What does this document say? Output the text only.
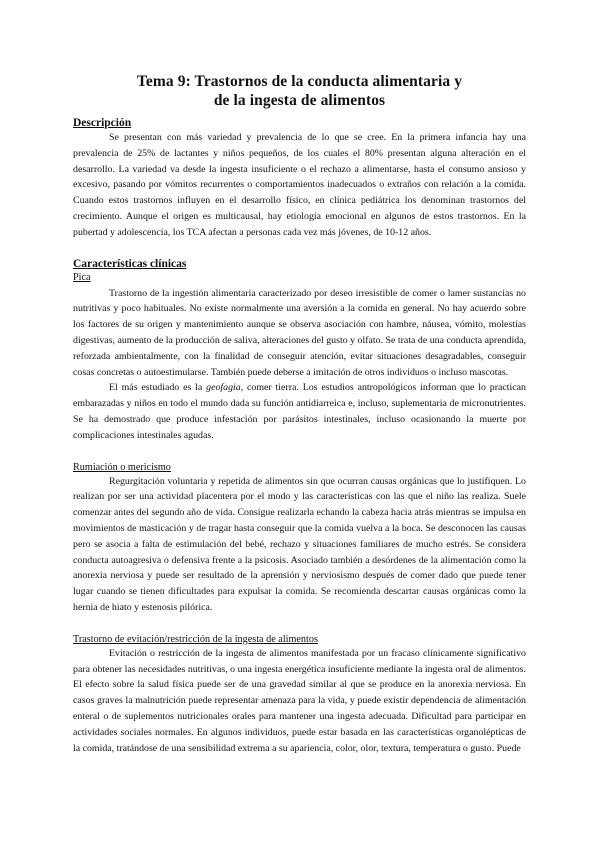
Tema 9: Trastornos de la conducta alimentaria y
de la ingesta de alimentos
Descripción

Se presentan con más variedad y prevalencia de lo que se cree. En la primera infancia hay una prevalencia de 25% de lactantes y niños pequeños, de los cuales el 80% presentan alguna alteración en el desarrollo. La variedad va desde la ingesta insuficiente o el rechazo a alimentarse, hasta el consumo ansioso y excesivo, pasando por vómitos recurrentes o comportamientos inadecuados o extraños con relación a la comida. Cuando estos trastornos influyen en el desarrollo físico, en clínica pediátrica los denominan trastornos del crecimiento. Aunque el origen es multicausal, hay etiología emocional en algunos de estos trastornos. En la pubertad y adolescencia, los TCA afectan a personas cada vez más jóvenes, de 10-12 años.

Características clínicas
Pica

Trastorno de la ingestión alimentaria caracterizado por deseo irresistible de comer o lamer sustancias no nutritivas y poco habituales. No existe normalmente una aversión a la comida en general. No hay acuerdo sobre los factores de su origen y mantenimiento aunque se observa asociación con hambre, náusea, vómito, molestias digestivas, aumento de la producción de saliva, alteraciones del gusto y olfato. Se trata de una conducta aprendida, reforzada ambientalmente, con la finalidad de conseguir atención, evitar situaciones desagradables, conseguir cosas concretas o autoestimularse. También puede deberse a imitación de otros individuos o incluso mascotas.

El más estudiado es la geofagia, comer tierra. Los estudios antropológicos informan que lo practican embarazadas y niños en todo el mundo dada su función antidiarreica e, incluso, suplementaria de micronutrientes. Se ha demostrado que produce infestación por parásitos intestinales, incluso ocasionando la muerte por complicaciones intestinales agudas.

Rumiación o mericismo

Regurgitación voluntaria y repetida de alimentos sin que ocurran causas orgánicas que lo justifiquen. Lo realizan por ser una actividad placentera por el modo y las características con las que el niño las realiza. Suele comenzar antes del segundo año de vida. Consigue realizarla echando la cabeza hacia atrás mientras se impulsa en movimientos de masticación y de tragar hasta conseguir que la comida vuelva a la boca. Se desconocen las causas pero se asocia a falta de estimulación del bebé, rechazo y situaciones familiares de mucho estrés. Se considera conducta autoagresiva o defensiva frente a la psicosis. Asociado también a desórdenes de la alimentación como la anorexia nerviosa y puede ser resultado de la aprensión y nerviosismo después de comer dado que puede tener lugar cuando se tienen dificultades para expulsar la comida. Se recomienda descartar causas orgánicas como la hernia de hiato y estenosis pilórica.

Trastorno de evitación/restricción de la ingesta de alimentos

Evitación o restricción de la ingesta de alimentos manifestada por un fracaso clínicamente significativo para obtener las necesidades nutritivas, o una ingesta energética insuficiente mediante la ingesta oral de alimentos. El efecto sobre la salud física puede ser de una gravedad similar al que se produce en la anorexia nerviosa. En casos graves la malnutrición puede representar amenaza para la vida, y puede existir dependencia de alimentación enteral o de suplementos nutricionales orales para mantener una ingesta adecuada. Dificultad para participar en actividades sociales normales. En algunos individuos, puede estar basada en las características organolépticas de la comida, tratándose de una sensibilidad extrema a su apariencia, color, olor, textura, temperatura o gusto. Puede
